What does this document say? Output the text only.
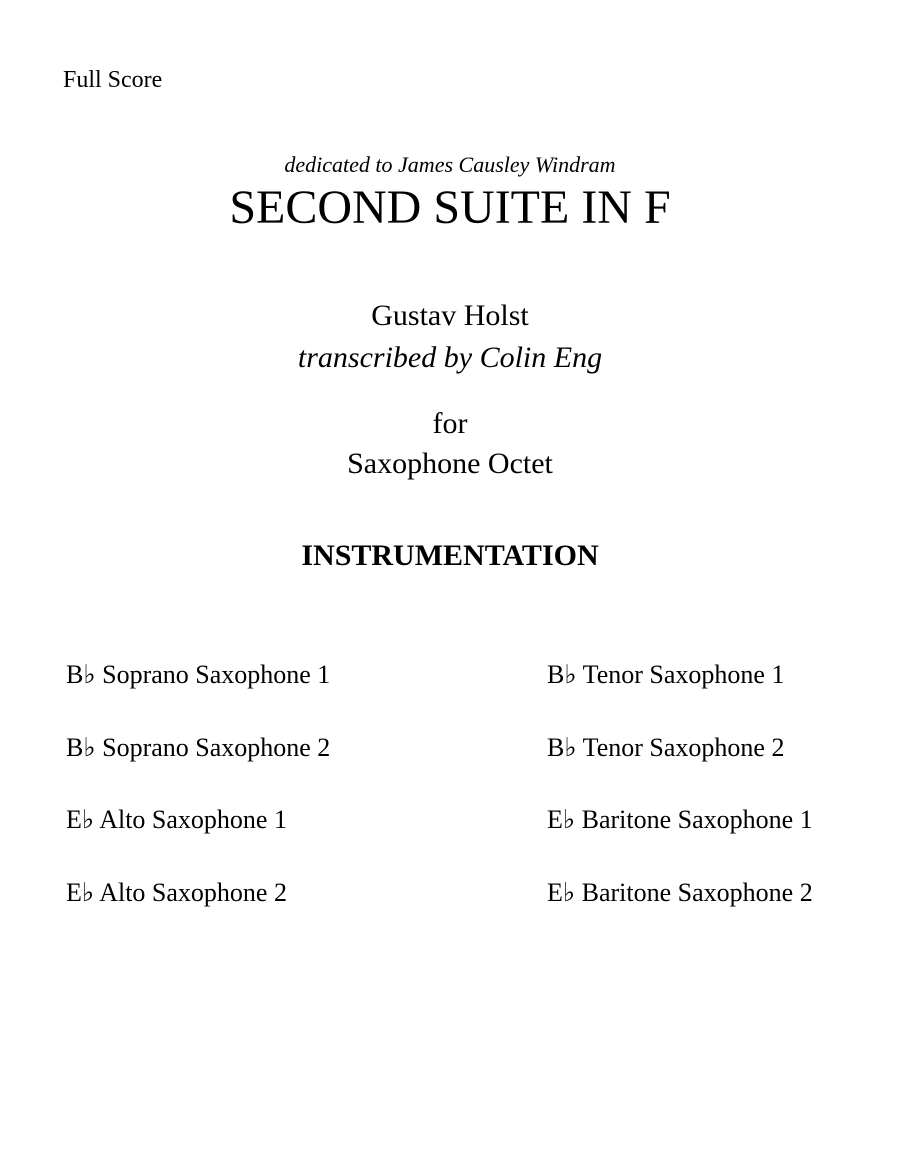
Full Score
dedicated to James Causley Windram
SECOND SUITE IN F
Gustav Holst
transcribed by Colin Eng
for
Saxophone Octet
INSTRUMENTATION
B♭ Soprano Saxophone 1
B♭ Soprano Saxophone 2
E♭ Alto Saxophone 1
E♭ Alto Saxophone 2
B♭ Tenor Saxophone 1
B♭ Tenor Saxophone 2
E♭ Baritone Saxophone 1
E♭ Baritone Saxophone 2
